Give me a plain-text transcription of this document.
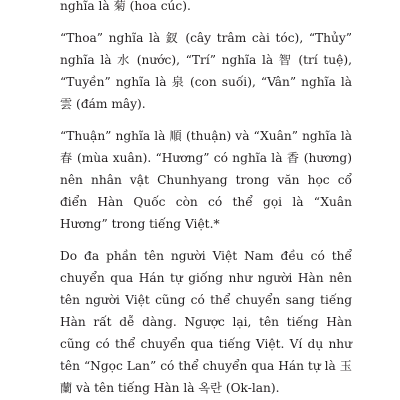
nghĩa là 菊 (hoa cúc).

“Thoa” nghĩa là 釵 (cây trâm cài tóc), “Thủy” nghĩa là 水 (nước), “Trí” nghĩa là 智 (trí tuệ), “Tuyền” nghĩa là 泉 (con suối), “Vân” nghĩa là 雲 (đám mây).

“Thuận” nghĩa là 順 (thuận) và “Xuân” nghĩa là 春 (mùa xuân). “Hương” có nghĩa là 香 (hương) nên nhân vật Chunhyang trong văn học cổ điển Hàn Quốc còn có thể gọi là “Xuân Hương” trong tiếng Việt.*

Do đa phần tên người Việt Nam đều có thể chuyển qua Hán tự giống như người Hàn nên tên người Việt cũng có thể chuyển sang tiếng Hàn rất dễ dàng. Ngược lại, tên tiếng Hàn cũng có thể chuyển qua tiếng Việt. Ví dụ như tên “Ngọc Lan” có thể chuyển qua Hán tự là 玉蘭 và tên tiếng Hàn là 옥란 (Ok-lan).
